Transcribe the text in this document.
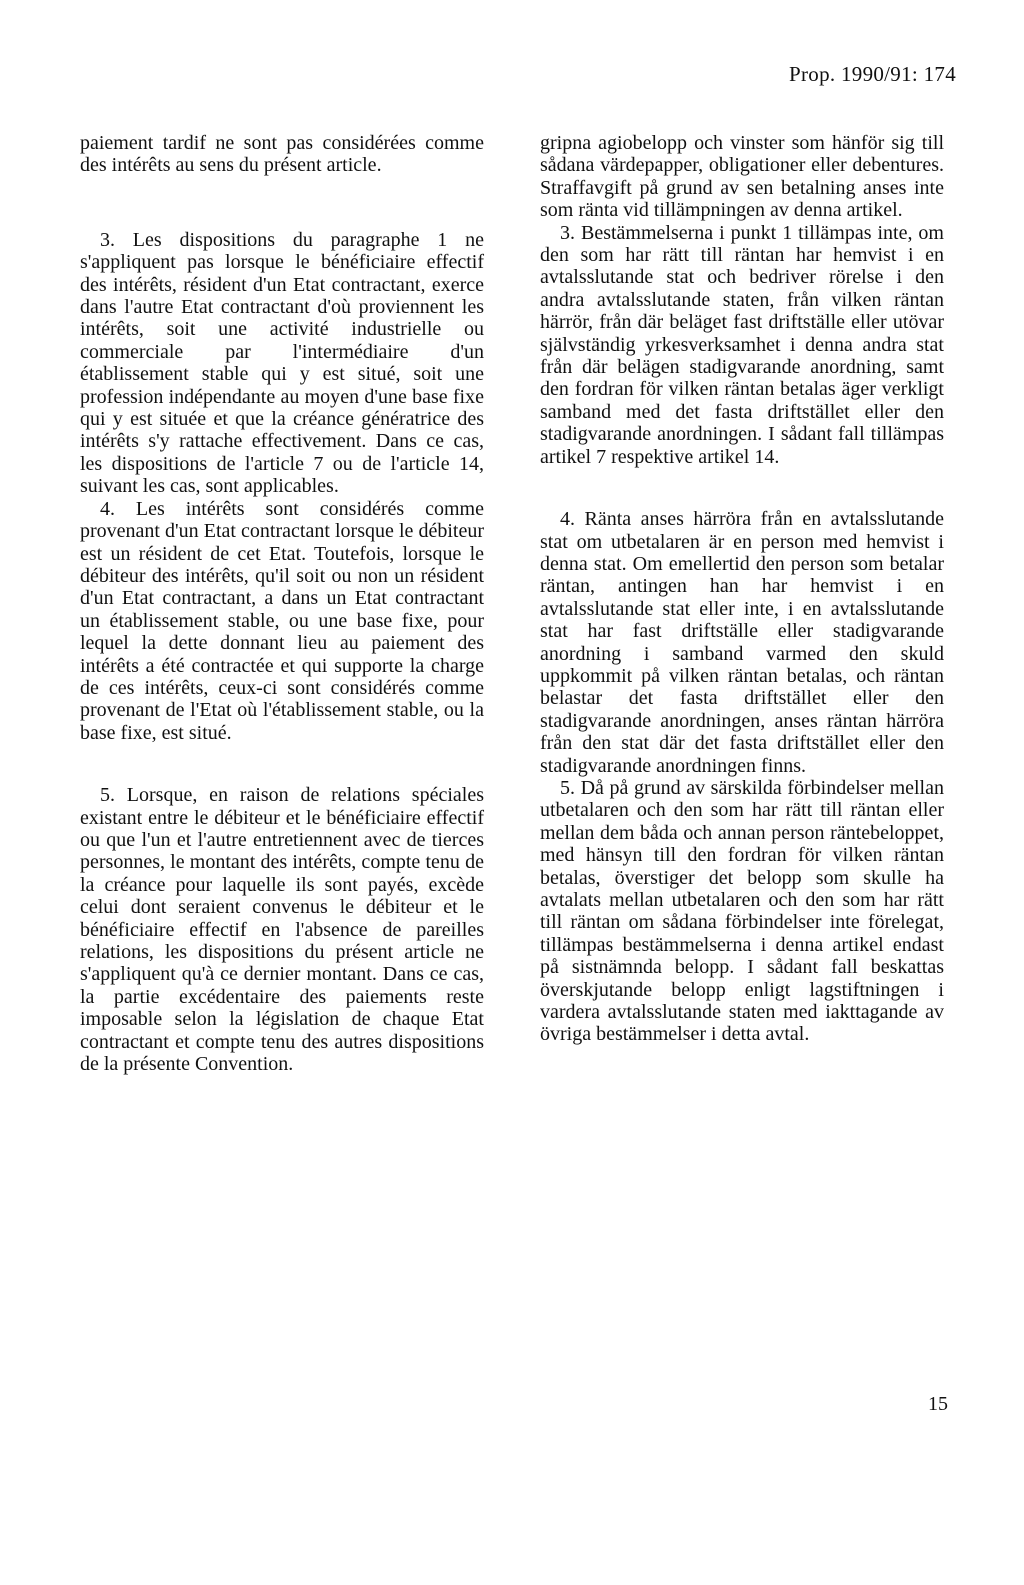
Prop. 1990/91: 174

paiement tardif ne sont pas considérées comme des intérêts au sens du présent article.

3. Les dispositions du paragraphe 1 ne s'appliquent pas lorsque le bénéficiaire effectif des intérêts, résident d'un Etat contractant, exerce dans l'autre Etat contractant d'où proviennent les intérêts, soit une activité industrielle ou commerciale par l'intermédiaire d'un établissement stable qui y est situé, soit une profession indépendante au moyen d'une base fixe qui y est située et que la créance génératrice des intérêts s'y rattache effectivement. Dans ce cas, les dispositions de l'article 7 ou de l'article 14, suivant les cas, sont applicables.

4. Les intérêts sont considérés comme provenant d'un Etat contractant lorsque le débiteur est un résident de cet Etat. Toutefois, lorsque le débiteur des intérêts, qu'il soit ou non un résident d'un Etat contractant, a dans un Etat contractant un établissement stable, ou une base fixe, pour lequel la dette donnant lieu au paiement des intérêts a été contractée et qui supporte la charge de ces intérêts, ceux-ci sont considérés comme provenant de l'Etat où l'établissement stable, ou la base fixe, est situé.

5. Lorsque, en raison de relations spéciales existant entre le débiteur et le bénéficiaire effectif ou que l'un et l'autre entretiennent avec de tierces personnes, le montant des intérêts, compte tenu de la créance pour laquelle ils sont payés, excède celui dont seraient convenus le débiteur et le bénéficiaire effectif en l'absence de pareilles relations, les dispositions du présent article ne s'appliquent qu'à ce dernier montant. Dans ce cas, la partie excédentaire des paiements reste imposable selon la législation de chaque Etat contractant et compte tenu des autres dispositions de la présente Convention.

gripna agiobelopp och vinster som hänför sig till sådana värdepapper, obligationer eller debentures. Straffavgift på grund av sen betalning anses inte som ränta vid tillämpningen av denna artikel.

3. Bestämmelserna i punkt 1 tillämpas inte, om den som har rätt till räntan har hemvist i en avtalsslutande stat och bedriver rörelse i den andra avtalsslutande staten, från vilken räntan härrör, från där beläget fast driftställe eller utövar självständig yrkesverksamhet i denna andra stat från där belägen stadigvarande anordning, samt den fordran för vilken räntan betalas äger verkligt samband med det fasta driftstället eller den stadigvarande anordningen. I sådant fall tillämpas artikel 7 respektive artikel 14.

4. Ränta anses härröra från en avtalsslutande stat om utbetalaren är en person med hemvist i denna stat. Om emellertid den person som betalar räntan, antingen han har hemvist i en avtalsslutande stat eller inte, i en avtalsslutande stat har fast driftställe eller stadigvarande anordning i samband varmed den skuld uppkommit på vilken räntan betalas, och räntan belastar det fasta driftstället eller den stadigvarande anordningen, anses räntan härröra från den stat där det fasta driftstället eller den stadigvarande anordningen finns.

5. Då på grund av särskilda förbindelser mellan utbetalaren och den som har rätt till räntan eller mellan dem båda och annan person räntebeloppet, med hänsyn till den fordran för vilken räntan betalas, överstiger det belopp som skulle ha avtalats mellan utbetalaren och den som har rätt till räntan om sådana förbindelser inte förelegat, tillämpas bestämmelserna i denna artikel endast på sistnämnda belopp. I sådant fall beskattas överskjutande belopp enligt lagstiftningen i vardera avtalsslutande staten med iakttagande av övriga bestämmelser i detta avtal.

15
